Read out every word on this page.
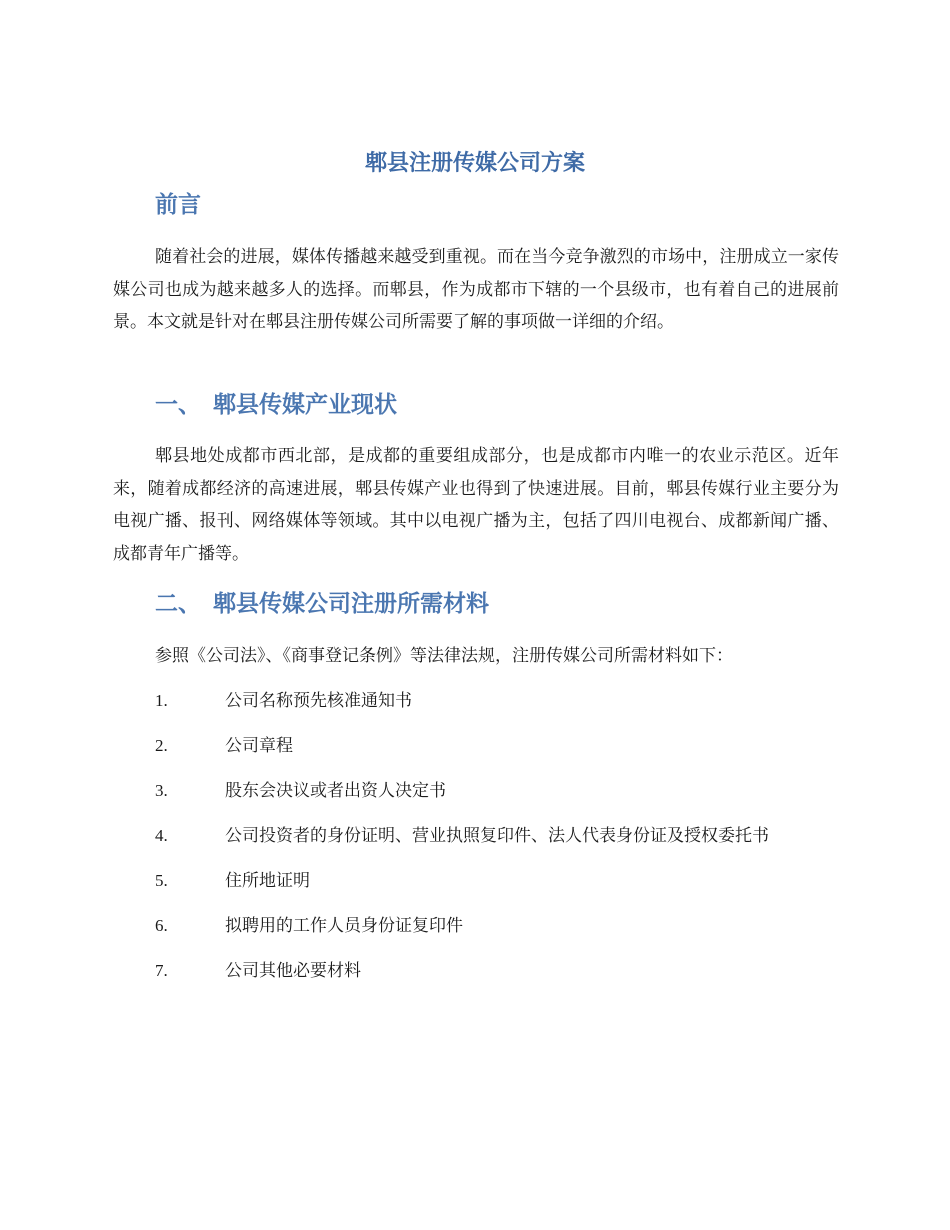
郫县注册传媒公司方案
前言

随着社会的进展，媒体传播越来越受到重视。而在当今竞争激烈的市场中，注册成立一家传媒公司也成为越来越多人的选择。而郫县，作为成都市下辖的一个县级市，也有着自己的进展前景。本文就是针对在郫县注册传媒公司所需要了解的事项做一详细的介绍。

一、 郫县传媒产业现状

郫县地处成都市西北部，是成都的重要组成部分，也是成都市内唯一的农业示范区。近年来，随着成都经济的高速进展，郫县传媒产业也得到了快速进展。目前，郫县传媒行业主要分为电视广播、报刊、网络媒体等领域。其中以电视广播为主，包括了四川电视台、成都新闻广播、成都青年广播等。

二、 郫县传媒公司注册所需材料

参照《公司法》、《商事登记条例》等法律法规，注册传媒公司所需材料如下：

1.	公司名称预先核准通知书
2.	公司章程
3.	股东会决议或者出资人决定书
4.	公司投资者的身份证明、营业执照复印件、法人代表身份证及授权委托书
5.	住所地证明
6.	拟聘用的工作人员身份证复印件
7.	公司其他必要材料
